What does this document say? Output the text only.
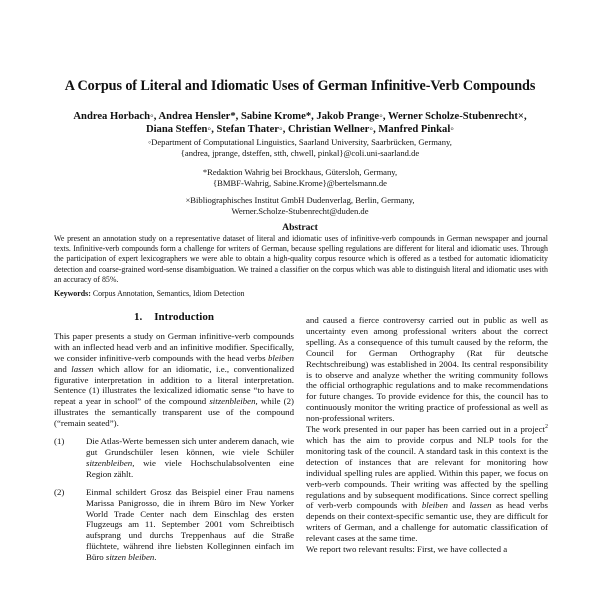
A Corpus of Literal and Idiomatic Uses of German Infinitive-Verb Compounds
Andrea Horbach◦, Andrea Hensler*, Sabine Krome*, Jakob Prange◦, Werner Scholze-Stubenrecht×,
Diana Steffen◦, Stefan Thater◦, Christian Wellner◦, Manfred Pinkal◦
◦Department of Computational Linguistics, Saarland University, Saarbrücken, Germany,
{andrea, jprange, dsteffen, stth, chwell, pinkal}@coli.uni-saarland.de
*Redaktion Wahrig bei Brockhaus, Gütersloh, Germany,
{BMBF-Wahrig, Sabine.Krome}@bertelsmann.de
×Bibliographisches Institut GmbH Dudenverlag, Berlin, Germany,
Werner.Scholze-Stubenrecht@duden.de
Abstract
We present an annotation study on a representative dataset of literal and idiomatic uses of infinitive-verb compounds in German newspaper and journal texts. Infinitive-verb compounds form a challenge for writers of German, because spelling regulations are different for literal and idiomatic uses. Through the participation of expert lexicographers we were able to obtain a high-quality corpus resource which is offered as a testbed for automatic idiomaticity detection and coarse-grained word-sense disambiguation. We trained a classifier on the corpus which was able to distinguish literal and idiomatic uses with an accuracy of 85%.
Keywords: Corpus Annotation, Semantics, Idiom Detection
1. Introduction

This paper presents a study on German infinitive-verb compounds with an inflected head verb and an infinitive modifier. Specifically, we consider infinitive-verb compounds with the head verbs bleiben and lassen which allow for an idiomatic, i.e., conventionalized figurative interpretation in addition to a literal interpretation. Sentence (1) illustrates the lexicalized idiomatic sense “to have to repeat a year in school” of the compound sitzenbleiben, while (2) illustrates the semantically transparent use of the compound (“remain seated”).

(1)	Die Atlas-Werte bemessen sich unter anderem danach, wie gut Grundschüler lesen können, wie viele Schüler sitzenbleiben, wie viele Hochschulabsolventen eine Region zählt.
(2)	Einmal schildert Grosz das Beispiel einer Frau namens Marissa Panigrosso, die in ihrem Büro im New Yorker World Trade Center nach dem Einschlag des ersten Flugzeugs am 11. September 2001 vom Schreibtisch aufsprang und durchs Treppenhaus auf die Straße flüchtete, während ihre liebsten Kolleginnen einfach im Büro sitzen bleiben.

and caused a fierce controversy carried out in public as well as uncertainty even among professional writers about the correct spelling. As a consequence of this tumult caused by the reform, the Council for German Orthography (Rat für deutsche Rechtschreibung) was established in 2004. Its central responsibility is to observe and analyze whether the writing community follows the official orthographic regulations and to make recommendations for future changes. To provide evidence for this, the council has to continuously monitor the writing practice of professional as well as non-professional writers.

The work presented in our paper has been carried out in a project$^2$ which has the aim to provide corpus and NLP tools for the monitoring task of the council. A standard task in this context is the detection of instances that are relevant for monitoring how individual spelling rules are applied. Within this paper, we focus on verb-verb compounds. Their writing was affected by the spelling regulations and by subsequent modifications. Since correct spelling of verb-verb compounds with bleiben and lassen as head verbs depends on their context-specific semantic use, they are difficult for writers of German, and a challenge for automatic classification of relevant cases at the same time.

We report two relevant results: First, we have collected a
